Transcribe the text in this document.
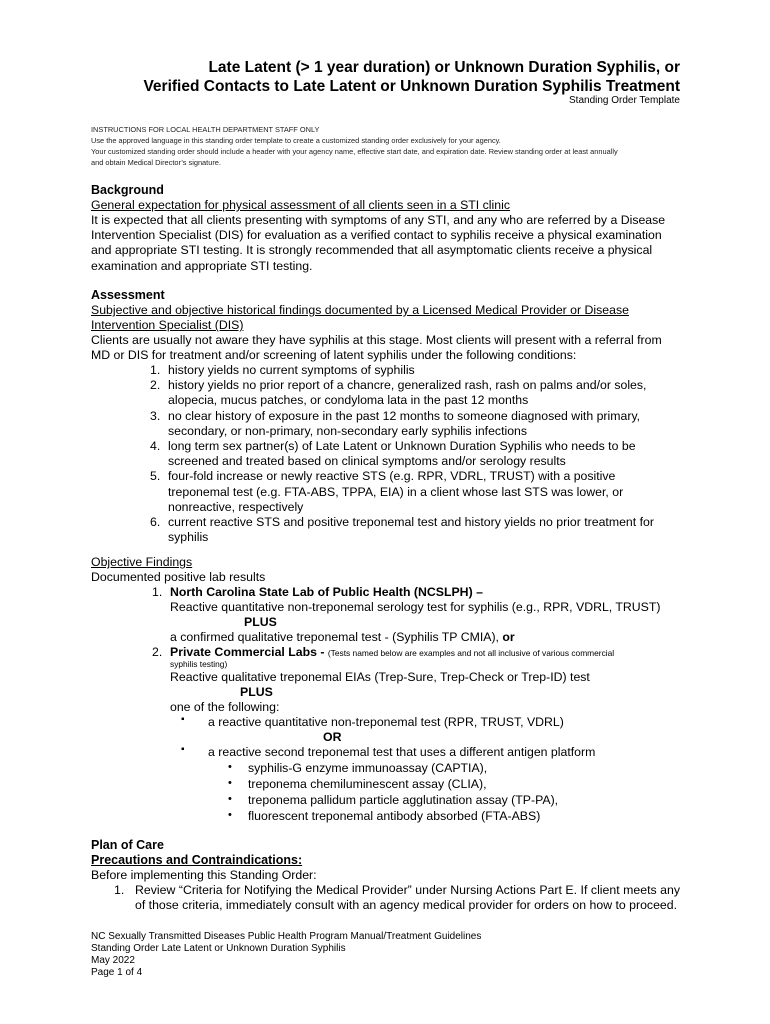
Late Latent (> 1 year duration) or Unknown Duration Syphilis, or
Verified Contacts to Late Latent or Unknown Duration Syphilis Treatment
Standing Order Template
INSTRUCTIONS FOR LOCAL HEALTH DEPARTMENT STAFF ONLY
Use the approved language in this standing order template to create a customized standing order exclusively for your agency.
Your customized standing order should include a header with your agency name, effective start date, and expiration date. Review standing order at least annually
and obtain Medical Director’s signature.
Background
General expectation for physical assessment of all clients seen in a STI clinic
It is expected that all clients presenting with symptoms of any STI, and any who are referred by a Disease Intervention Specialist (DIS) for evaluation as a verified contact to syphilis receive a physical examination and appropriate STI testing. It is strongly recommended that all asymptomatic clients receive a physical examination and appropriate STI testing.
Assessment
Subjective and objective historical findings documented by a Licensed Medical Provider or Disease Intervention Specialist (DIS)
Clients are usually not aware they have syphilis at this stage. Most clients will present with a referral from MD or DIS for treatment and/or screening of latent syphilis under the following conditions:
1. history yields no current symptoms of syphilis
2. history yields no prior report of a chancre, generalized rash, rash on palms and/or soles, alopecia, mucus patches, or condyloma lata in the past 12 months
3. no clear history of exposure in the past 12 months to someone diagnosed with primary, secondary, or non-primary, non-secondary early syphilis infections
4. long term sex partner(s) of Late Latent or Unknown Duration Syphilis who needs to be screened and treated based on clinical symptoms and/or serology results
5. four-fold increase or newly reactive STS (e.g. RPR, VDRL, TRUST) with a positive treponemal test (e.g. FTA-ABS, TPPA, EIA) in a client whose last STS was lower, or nonreactive, respectively
6. current reactive STS and positive treponemal test and history yields no prior treatment for syphilis
Objective Findings
Documented positive lab results
1. North Carolina State Lab of Public Health (NCSLPH) –
Reactive quantitative non-treponemal serology test for syphilis (e.g., RPR, VDRL, TRUST)
PLUS
a confirmed qualitative treponemal test - (Syphilis TP CMIA), or
2. Private Commercial Labs - (Tests named below are examples and not all inclusive of various commercial
syphilis testing)
Reactive qualitative treponemal EIAs (Trep-Sure, Trep-Check or Trep-ID) test
PLUS
one of the following:
▪ a reactive quantitative non-treponemal test (RPR, TRUST, VDRL)
OR
▪ a reactive second treponemal test that uses a different antigen platform
• syphilis-G enzyme immunoassay (CAPTIA),
• treponema chemiluminescent assay (CLIA),
• treponema pallidum particle agglutination assay (TP-PA),
• fluorescent treponemal antibody absorbed (FTA-ABS)
Plan of Care
Precautions and Contraindications:
Before implementing this Standing Order:
1. Review “Criteria for Notifying the Medical Provider” under Nursing Actions Part E. If client meets any of those criteria, immediately consult with an agency medical provider for orders on how to proceed.
NC Sexually Transmitted Diseases Public Health Program Manual/Treatment Guidelines
Standing Order Late Latent or Unknown Duration Syphilis
May 2022
Page 1 of 4
